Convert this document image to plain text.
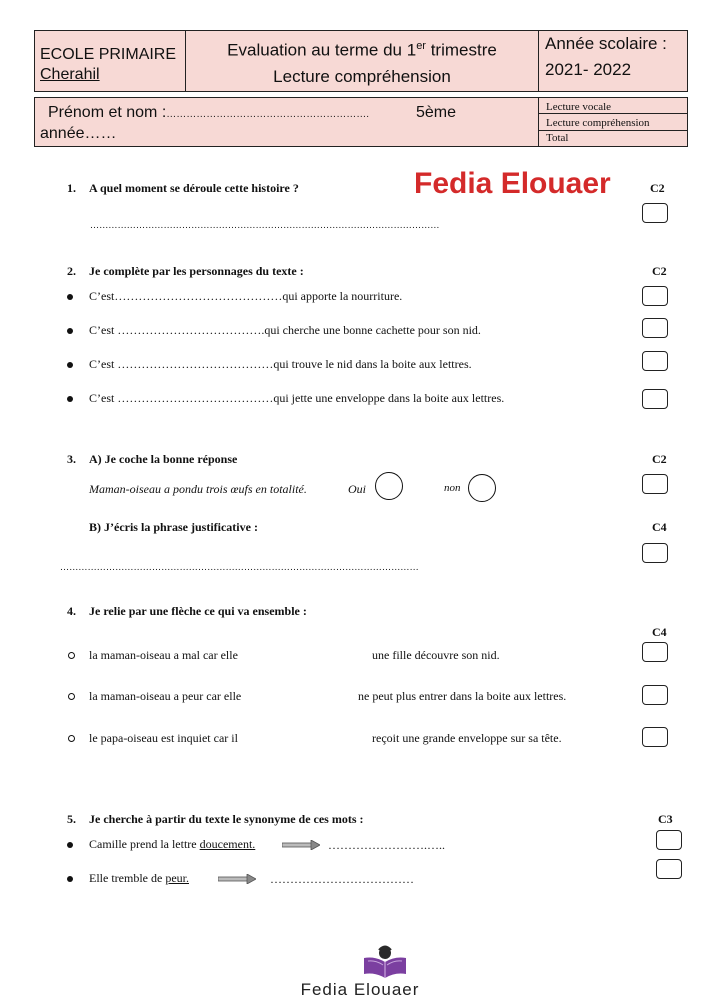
ECOLE PRIMAIRE
Cherahil
Evaluation au terme du 1er trimestre
Lecture compréhension
Année scolaire :
2021- 2022
Prénom et nom :…………………………………………………….	5ème
année……
Lecture vocale
Lecture compréhension
Total
Fedia Elouaer
1. A quel moment se déroule cette histoire ?	C2
……………………………………………………………………………………………………
2. Je complète par les personnages du texte :	C2
C’est……………………………………qui apporte la nourriture.
C’est ……………………………….qui cherche une bonne cachette pour son nid.
C’est …………………………………qui trouve le nid dans la boite aux lettres.
C’est …………………………………qui jette une enveloppe dans la boite aux lettres.
3. A) Je coche la bonne réponse	C2
Maman-oiseau a pondu trois œufs en totalité.	Oui	non
B) J’écris la phrase justificative :	C4
………………………………………………………………………………………………………
4. Je relie par une flèche ce qui va ensemble :
C4
la maman-oiseau a mal car elle	une fille découvre son nid.
la maman-oiseau a peur car elle	ne peut plus entrer dans la boite aux lettres.
le papa-oiseau est inquiet car il	reçoit une grande enveloppe sur sa tête.
5. Je cherche à partir du texte le synonyme de ces mots :	C3
Camille prend la lettre doucement.	…………………….…..
Elle tremble de peur.	………………………………
Fedia Elouaer
